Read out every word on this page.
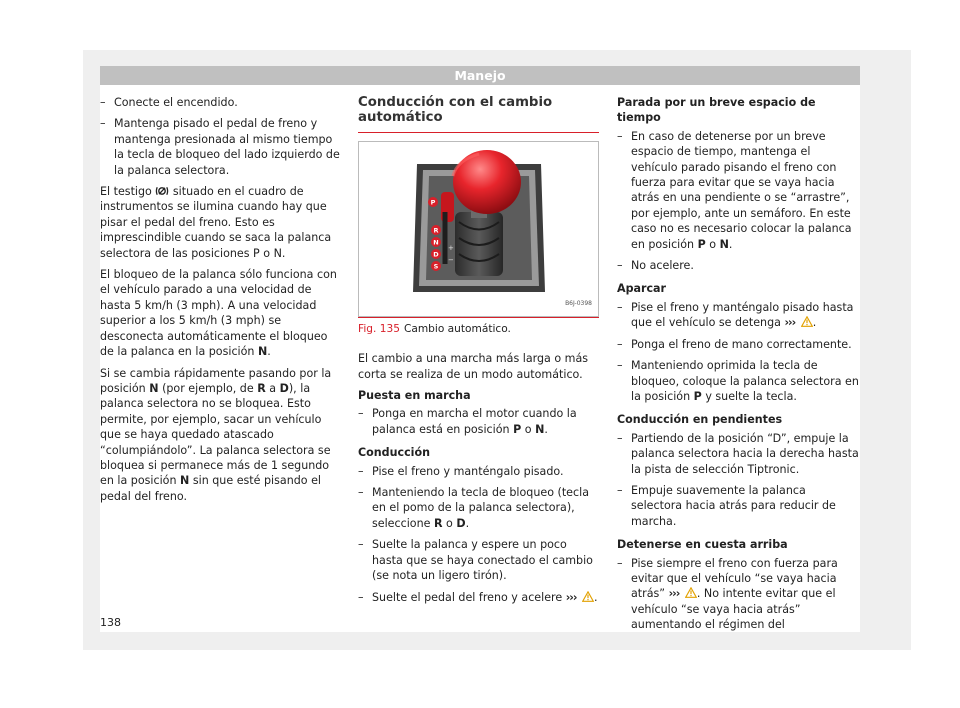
Manejo
– Conecte el encendido.
– Mantenga pisado el pedal de freno y mantenga presionada al mismo tiempo la tecla de bloqueo del lado izquierdo de la palanca selectora.

El testigo situado en el cuadro de instrumentos se ilumina cuando hay que pisar el pedal del freno. Esto es imprescindible cuando se saca la palanca selectora de las posiciones P o N.

El bloqueo de la palanca sólo funciona con el vehículo parado a una velocidad de hasta 5 km/h (3 mph). A una velocidad superior a los 5 km/h (3 mph) se desconecta automáticamente el bloqueo de la palanca en la posición N.

Si se cambia rápidamente pasando por la posición N (por ejemplo, de R a D), la palanca selectora no se bloquea. Esto permite, por ejemplo, sacar un vehículo que se haya quedado atascado “columpiándolo”. La palanca selectora se bloquea si permanece más de 1 segundo en la posición N sin que esté pisando el pedal del freno.

Conducción con el cambio automático
P
R
N
D
S
+
−
B6J-0398
Fig. 135 Cambio automático.

El cambio a una marcha más larga o más corta se realiza de un modo automático.

Puesta en marcha
– Ponga en marcha el motor cuando la palanca está en posición P o N.
Conducción
– Pise el freno y manténgalo pisado.
– Manteniendo la tecla de bloqueo (tecla en el pomo de la palanca selectora), seleccione R o D.
– Suelte la palanca y espere un poco hasta que se haya conectado el cambio (se nota un ligero tirón).
– Suelte el pedal del freno y acelere ››› .
Parada por un breve espacio de tiempo
– En caso de detenerse por un breve espacio de tiempo, mantenga el vehículo parado pisando el freno con fuerza para evitar que se vaya hacia atrás en una pendiente o se “arrastre”, por ejemplo, ante un semáforo. En este caso no es necesario colocar la palanca en posición P o N.
– No acelere.
Aparcar
– Pise el freno y manténgalo pisado hasta que el vehículo se detenga ››› .
– Ponga el freno de mano correctamente.
– Manteniendo oprimida la tecla de bloqueo, coloque la palanca selectora en la posición P y suelte la tecla.
Conducción en pendientes
– Partiendo de la posición “D”, empuje la palanca selectora hacia la derecha hasta la pista de selección Tiptronic.
– Empuje suavemente la palanca selectora hacia atrás para reducir de marcha.
Detenerse en cuesta arriba
– Pise siempre el freno con fuerza para evitar que el vehículo “se vaya hacia atrás” ››› . No intente evitar que el vehículo “se vaya hacia atrás” aumentando el régimen del
138
